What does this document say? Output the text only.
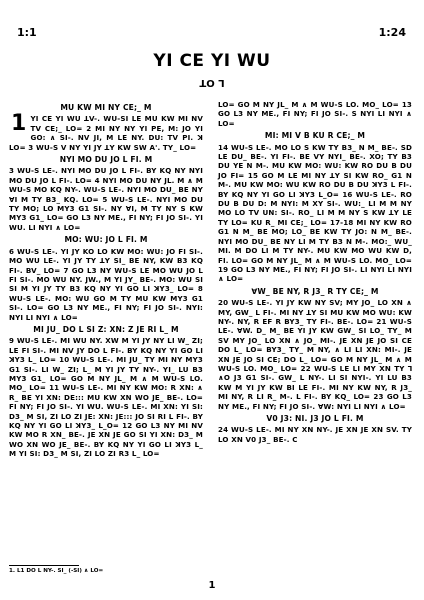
1:1	1:24
YI CE YI WU
L OT

MU KW MI NY CE;_ M

1 YI CE YI WU ꓕV-. WU-SI LE MU KW MI NV TV CE;_ LO= 2 MI NY NY YI PE, M: JO YI GO: ∧ SI-. NV JI, M LE NY. DU: TV PI. ꓘ LO= 3 WU-S V NY YI JY ꓕY KW SW A'. TY_ LO=

NYI MO DU JO L FI. M

3 WU-S LE-. NYI MO DU JO L FI-. BY KQ NY NYI MO DU JO L FI-. LO= 4 NYI MO DU NY JL. M ∧ M WU-S MO KQ NY-. WU-S LE-. NYI MO DU_ BE NY ꓯI M TY B3_ KQ. LO= 5 WU-S LE-. NYI MO DU TY MO; LO MY3 G1 SI-. NY ꓯI, M TY NY S KW MY3 G1_ LO= GO L3 NY ME., FI NY; FI JO SI-. YI WU. ꓡI NYI ∧ LO=

MO: WU: JO L FI. M

6 WU-S LE-. YI JY KO LO KW MO: WU: JO FI SI-. MO WU LE-. YI JY TY ꓕY SI_ BE NY, KW B3 KQ FI-. BV_ LO= 7 GO L3 NY WU-S LE MO WU JO L FI SI-. MO WU NY. JW., M YI JY_ BE-. MO: WU SI SI M YI JY TY B3 KQ NY YI GO LI ꓘY3_ LO= 8 WU-S LE-. MO: WU GO M TY MU KW MY3 G1 SI-. LO= GO L3 NY ME., FI NY; FI JO SI-. NYI: NYI ꓡI NYI ∧ LO=

MI JU_ DO L SI Z: XN: Z JE RI L_ M

9 WU-S LE-. MI WU NY. XW M YI JY NY ꓡI W_ ZI; LE FI SI-. MI NV JY DO L FI-. BY KQ NY YI GO LI ꓘY3 L_ LO= 10 WU-S LE-. MI JU_ TY MI NY MY3 G1 SI-. ꓡI W_ ZI; L_ M YI JY TY NY-. YI_ LU B3 MY3 G1_ LO= GO M NY JL_ M ∧ M WU-S LO. MO_ LO= 11 WU-S LE-. MI NY KW MO: R XN: ∧ R_ BE YI XN: DE::: MU KW XN WO JE_ BE-. LO= FI NY; FI JO SI-. YI WU. WU-S LE-. MI XN: YI SI: D3_ M SI, ZI LO ZI JE: XN: JE::: JO SI RI L FI-. BY KQ NY YI GO LI ꓘY3_ L_O= 12 GO L3 NY MI NV KW MO R XN_ BE-. JE XN JE GO SI YI XN: D3_ M WO XN WO JE_ BE-. BY KQ NY YI GO LI ꓘY3 L_ M YI SI: D3_ M SI, ZI LO ZI R3 L_ LO=

LO= GO M NY JL_ M ∧ M WU-S LO. MO_ LO= 13 GO L3 NY ME., FI NY; FI JO SI-. S NYI ꓡI NYI ∧ LO=

MI: MI V B KU R CE;_ M

14 WU-S LE-. MO LO S KW TY B3_ N M_ BE-. SD LE DU_ BE-. YI FI-. BE VY NYI_ BE-. XO; TY B3 DU YE N M-. MU KW MO: WU: KW RO DU B DU JO FI= 15 GO M LE MI NY ꓕY SI KW RO_ G1 N M-. MU KW MO: WU KW RO DU B DU ꓘY3 L FI-. BY KQ NY YI GO LI ꓘY3 L_O= 16 WU-S LE-. RO DU B DU D: M NYI: M XY SI-. WU:_ ꓡI M M NY MO LO TV UN: SI-. RO_ ꓡI M M NY S KW ꓕY LE TY LO= KU R_ MI CE;_ LO= 17-18 MI NY KW RO G1 N M_ BE MO; LO_ BE KW TY JO: N M_ BE-. NYI MO DU_ BE NY ꓡI M TY B3 N M-. MO:_ WU_ MI. M DO ꓡI M TY NY-. MU KW MO WU KW D, FI. LO= GO M NY JL_ M ∧ M WU-S LO. MO_ LO= 19 GO L3 NY ME., FI NY; FI JO SI-. ꓡI NYI ꓡI NYI ∧ LO=

ꓯW_ BE NY, R J3_ R TY CE;_ M

20 WU-S LE-. YI JY KW NY SV; MY JO_ LO XN ∧ MY, GW_ L FI-. MI NY ꓕY SI MU KW MO WU: KW NY-. NY, R EF R BY3_ TY FI-. BE-. LO= 21 WU-S LE-. ꓯW. D_ M_ BE YI JY KW GW_ SI LO_ TY_ M SV MY JO_ LO XN ∧ JO_ MI-. JE XN JE JO SI CE DO L_ LO= BY3_ TY_ M NY, ∧ ꓡI ꓡI XN: MI-. JE XN JE JO SI CE; DO L_ LO= GO M NY JL_ M ∧ M WU-S LO. MO_ LO= 22 WU-S LE ꓡI MY XN TY ꓶ ∧O J3 G1 SI-. GW_ L NY-. ꓡI SI NYI-. YI LU B3 KW M YI JY KW BI LE FI-. MI NY KW NY, R J3_ MI NY, R ꓡI R_ M-. L FI-. BY KQ_ LO= 23 GO L3 NY ME., FI NY; FI JO SI-. ꓯW: NYI ꓡI NYI ∧ LO=

V0 J3: NI. J3 JO L FI. M

24 WU-S LE-. MI NY XN NY-. JE XN JE XN SV. TY LO XN V0 J3_ BE-. C

1. L1 DO L NY-. SI_ (-SI) ∧ LO=
1
